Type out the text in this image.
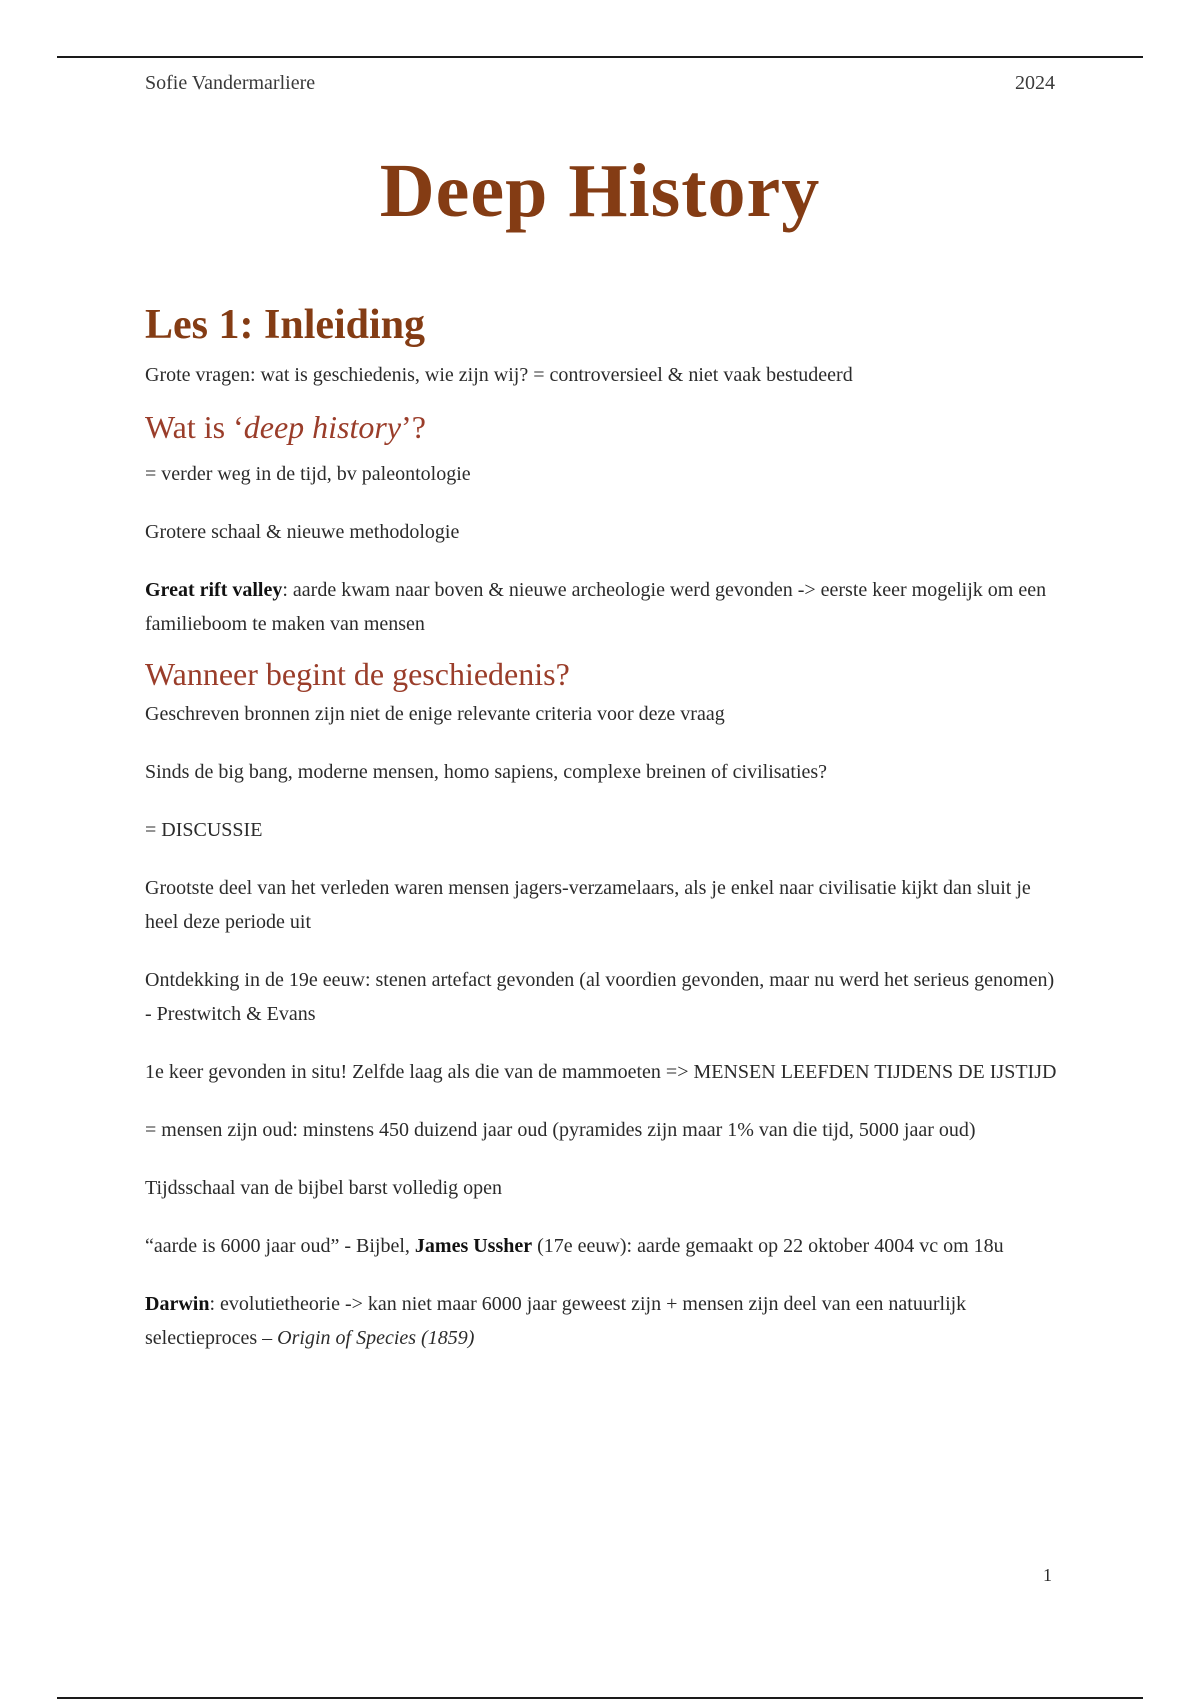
Sofie Vandermarliere	2024
Deep History
Les 1: Inleiding

Grote vragen: wat is geschiedenis, wie zijn wij? = controversieel & niet vaak bestudeerd

Wat is ‘deep history’?

= verder weg in de tijd, bv paleontologie

Grotere schaal & nieuwe methodologie

Great rift valley: aarde kwam naar boven & nieuwe archeologie werd gevonden -> eerste keer mogelijk om een familieboom te maken van mensen

Wanneer begint de geschiedenis?

Geschreven bronnen zijn niet de enige relevante criteria voor deze vraag

Sinds de big bang, moderne mensen, homo sapiens, complexe breinen of civilisaties?

= DISCUSSIE

Grootste deel van het verleden waren mensen jagers-verzamelaars, als je enkel naar civilisatie kijkt dan sluit je heel deze periode uit

Ontdekking in de 19e eeuw: stenen artefact gevonden (al voordien gevonden, maar nu werd het serieus genomen) - Prestwitch & Evans

1e keer gevonden in situ! Zelfde laag als die van de mammoeten => MENSEN LEEFDEN TIJDENS DE IJSTIJD

= mensen zijn oud: minstens 450 duizend jaar oud (pyramides zijn maar 1% van die tijd, 5000 jaar oud)

Tijdsschaal van de bijbel barst volledig open

“aarde is 6000 jaar oud” - Bijbel, James Ussher (17e eeuw): aarde gemaakt op 22 oktober 4004 vc om 18u

Darwin: evolutietheorie -> kan niet maar 6000 jaar geweest zijn + mensen zijn deel van een natuurlijk selectieproces – Origin of Species (1859)

1
